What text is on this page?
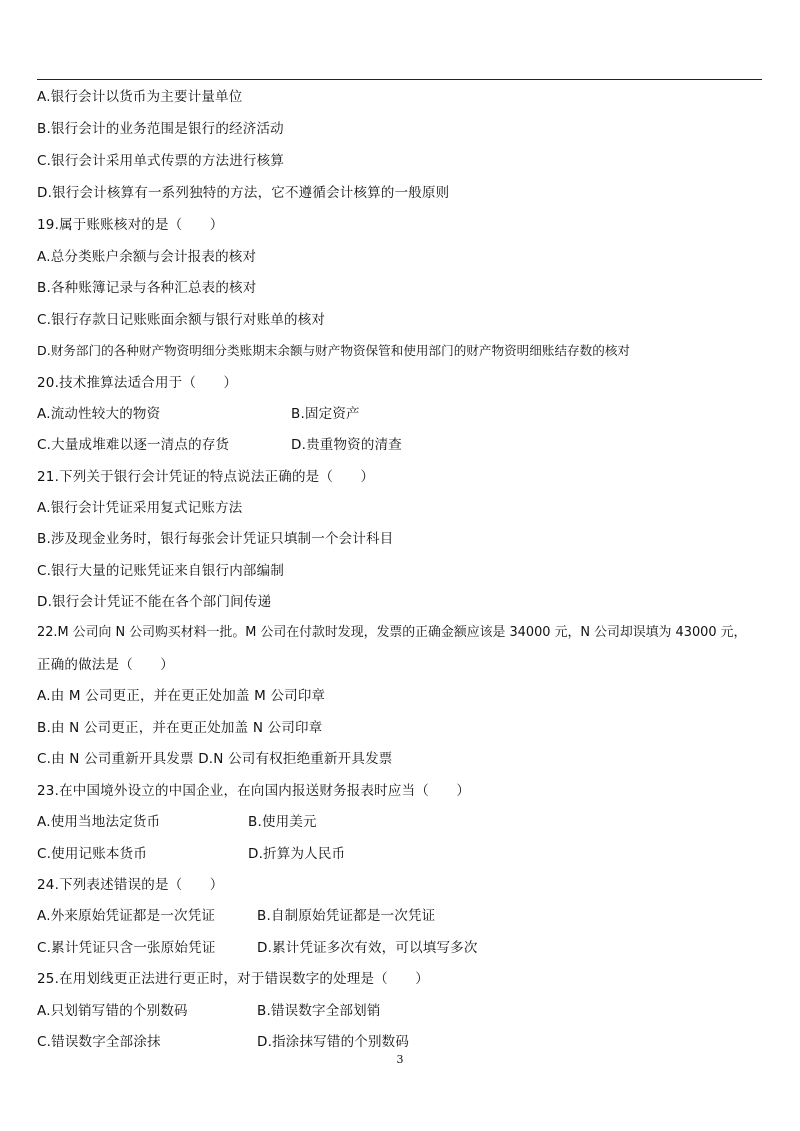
A.银行会计以货币为主要计量单位
B.银行会计的业务范围是银行的经济活动
C.银行会计采用单式传票的方法进行核算
D.银行会计核算有一系列独特的方法，它不遵循会计核算的一般原则
19.属于账账核对的是（　　）
A.总分类账户余额与会计报表的核对
B.各种账簿记录与各种汇总表的核对
C.银行存款日记账账面余额与银行对账单的核对
D.财务部门的各种财产物资明细分类账期末余额与财产物资保管和使用部门的财产物资明细账结存数的核对
20.技术推算法适合用于（　　）
A.流动性较大的物资	B.固定资产
C.大量成堆难以逐一清点的存货	D.贵重物资的清查
21.下列关于银行会计凭证的特点说法正确的是（　　）
A.银行会计凭证采用复式记账方法
B.涉及现金业务时，银行每张会计凭证只填制一个会计科目
C.银行大量的记账凭证来自银行内部编制
D.银行会计凭证不能在各个部门间传递
22.M 公司向 N 公司购买材料一批。M 公司在付款时发现，发票的正确金额应该是 34000 元，N 公司却误填为 43000 元，
正确的做法是（　　）
A.由 M 公司更正，并在更正处加盖 M 公司印章
B.由 N 公司更正，并在更正处加盖 N 公司印章
C.由 N 公司重新开具发票 D.N 公司有权拒绝重新开具发票
23.在中国境外设立的中国企业，在向国内报送财务报表时应当（　　）
A.使用当地法定货币	B.使用美元
C.使用记账本货币	D.折算为人民币
24.下列表述错误的是（　　）
A.外来原始凭证都是一次凭证	B.自制原始凭证都是一次凭证
C.累计凭证只含一张原始凭证	D.累计凭证多次有效，可以填写多次
25.在用划线更正法进行更正时，对于错误数字的处理是（　　）
A.只划销写错的个别数码	B.错误数字全部划销
C.错误数字全部涂抹	D.指涂抹写错的个别数码
3
